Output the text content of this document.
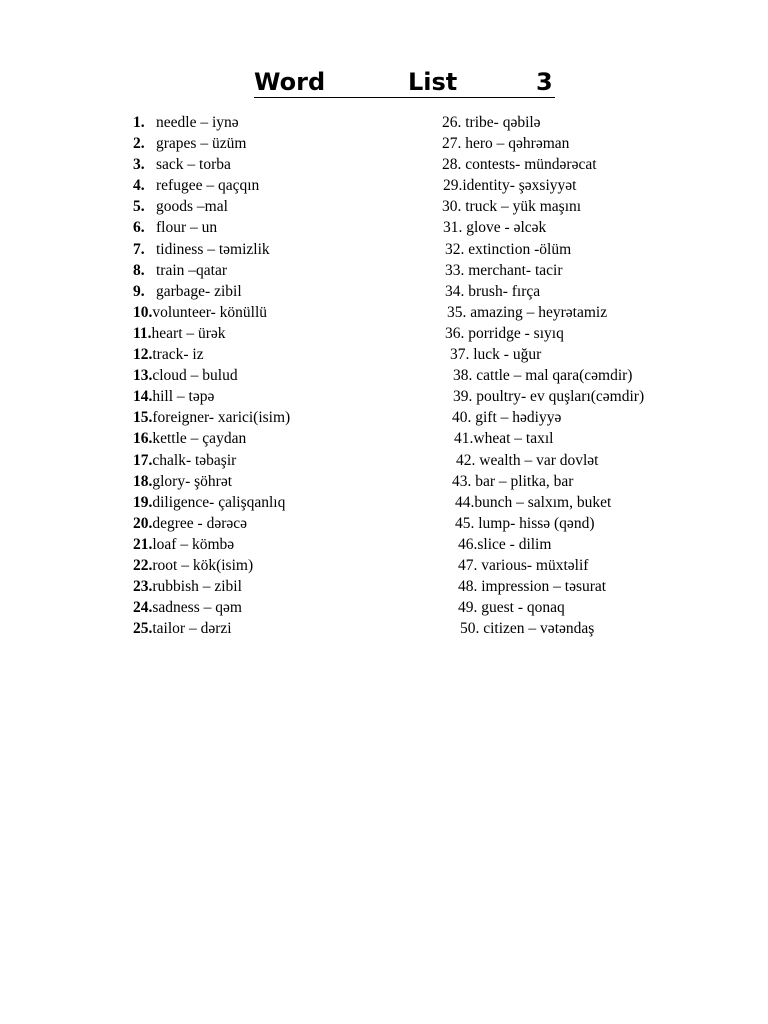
Word	List	3
1. needle – iynə
2. grapes – üzüm
3. sack – torba
4. refugee – qaçqın
5. goods –mal
6. flour – un
7. tidiness – təmizlik
8. train –qatar
9. garbage- zibil
10.volunteer- könüllü
11.heart – ürək
12.track- iz
13.cloud – bulud
14.hill – təpə
15.foreigner- xarici(isim)
16.kettle – çaydan
17.chalk- təbaşir
18.glory- şöhrət
19.diligence- çalişqanlıq
20.degree - dərəcə
21.loaf – kömbə
22.root – kök(isim)
23.rubbish – zibil
24.sadness – qəm
25.tailor – dərzi
26. tribe- qəbilə
27. hero – qəhrəman
28. contests- mündərəcat
29.identity- şəxsiyyət
30. truck – yük maşını
31. glove - əlcək
32. extinction -ölüm
33. merchant- tacir
34. brush- fırça
35. amazing – heyrətamiz
36. porridge - sıyıq
37. luck - uğur
38. cattle – mal qara(cəmdir)
39. poultry- ev quşları(cəmdir)
40. gift – hədiyyə
41.wheat – taxıl
42. wealth – var dovlət
43. bar – plitka, bar
44.bunch – salxım, buket
45. lump- hissə (qənd)
46.slice - dilim
47. various- müxtəlif
48. impression – təsurat
49. guest - qonaq
50. citizen – vətəndaş
